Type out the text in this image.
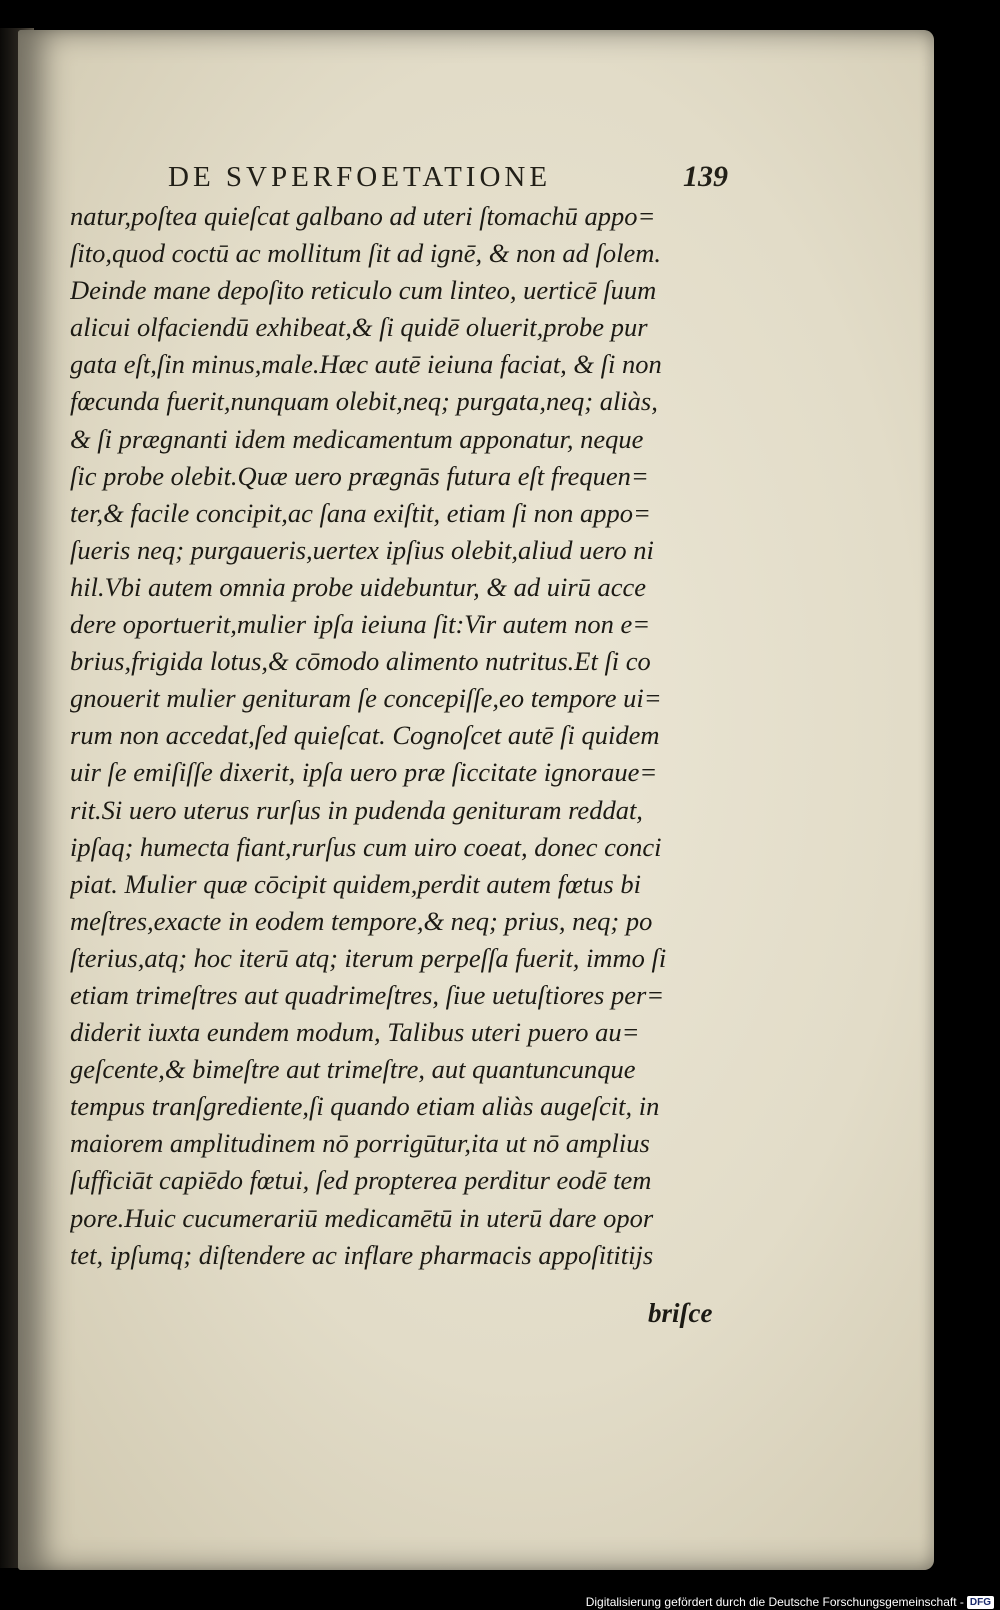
DE SVPERFOETATIONE	139
natur,poſtea quieſcat galbano ad uteri ſtomachū appo=
ſito,quod coctū ac mollitum ſit ad ignē, & non ad ſolem.
Deinde mane depoſito reticulo cum linteo, uerticē ſuum
alicui olfaciendū exhibeat,& ſi quidē oluerit,probe pur
gata eſt,ſin minus,male.Hæc autē ieiuna faciat, & ſi non
fœcunda fuerit,nunquam olebit,neq; purgata,neq; aliàs,
& ſi prægnanti idem medicamentum apponatur, neque
ſic probe olebit.Quæ uero prægnās futura eſt frequen=
ter,& facile concipit,ac ſana exiſtit, etiam ſi non appo=
ſueris neq; purgaueris,uertex ipſius olebit,aliud uero ni
hil.Vbi autem omnia probe uidebuntur, & ad uirū acce
dere oportuerit,mulier ipſa ieiuna ſit:Vir autem non e=
brius,frigida lotus,& cōmodo alimento nutritus.Et ſi co
gnouerit mulier genituram ſe concepiſſe,eo tempore ui=
rum non accedat,ſed quieſcat. Cognoſcet autē ſi quidem
uir ſe emiſiſſe dixerit, ipſa uero præ ſiccitate ignoraue=
rit.Si uero uterus rurſus in pudenda genituram reddat,
ipſaq; humecta fiant,rurſus cum uiro coeat, donec conci
piat. Mulier quæ cōcipit quidem,perdit autem fœtus bi
meſtres,exacte in eodem tempore,& neq; prius, neq; po
ſterius,atq; hoc iterū atq; iterum perpeſſa fuerit, immo ſi
etiam trimeſtres aut quadrimeſtres, ſiue uetuſtiores per=
diderit iuxta eundem modum, Talibus uteri puero au=
geſcente,& bimeſtre aut trimeſtre, aut quantuncunque
tempus tranſgrediente,ſi quando etiam aliàs augeſcit, in
maiorem amplitudinem nō porrigūtur,ita ut nō amplius
ſufficiāt capiēdo fœtui, ſed propterea perditur eodē tem
pore.Huic cucumerariū medicamētū in uterū dare opor
tet, ipſumq; diſtendere ac inflare pharmacis appoſititijs
briſce
Digitalisierung gefördert durch die Deutsche Forschungsgemeinschaft - DFG
